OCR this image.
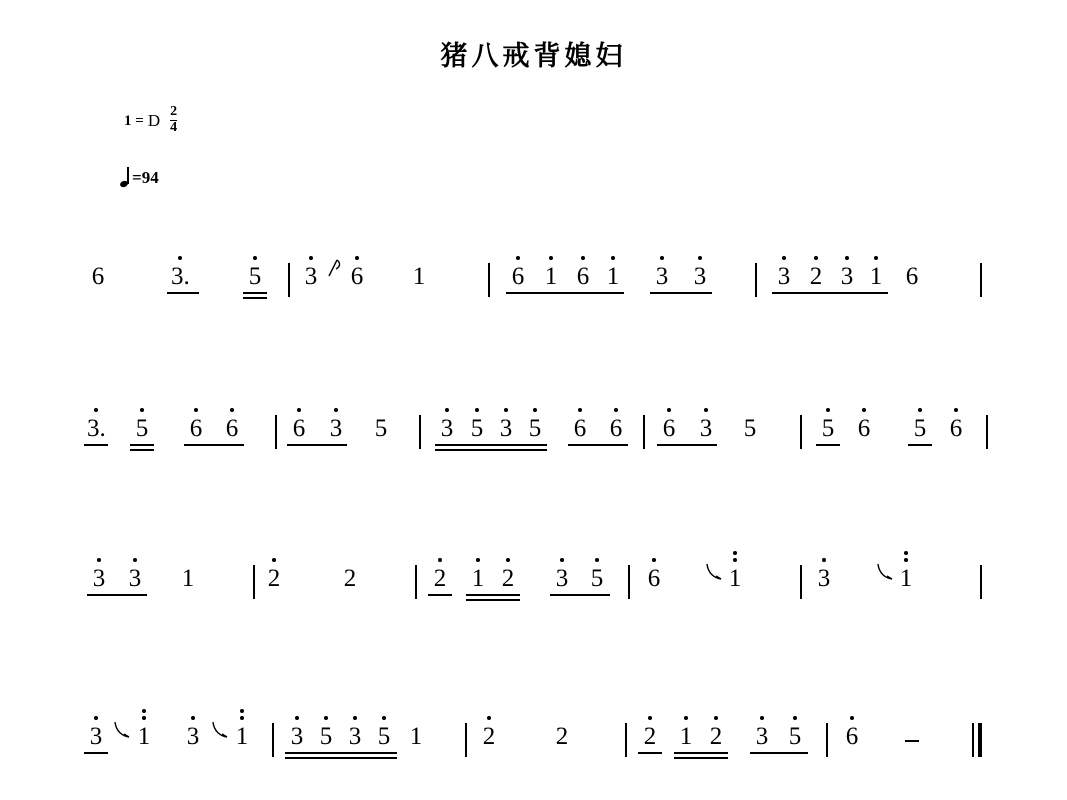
猪八戒背媳妇
1 = D $\frac{2}{4}$
= 94
6	3. 5 3 6 1	6 1 6 1 3 3	3 2 3 1 6
3. 5 6 6 6 3 5 3 5 3 5 6 6 6 3 5	5 6 5 6
3 3 1	2	2	2 1 2 3 5 6	1	3	1
3 1 3 1 3 5 3 5 1 2 2	2 1 2 3 5 6
